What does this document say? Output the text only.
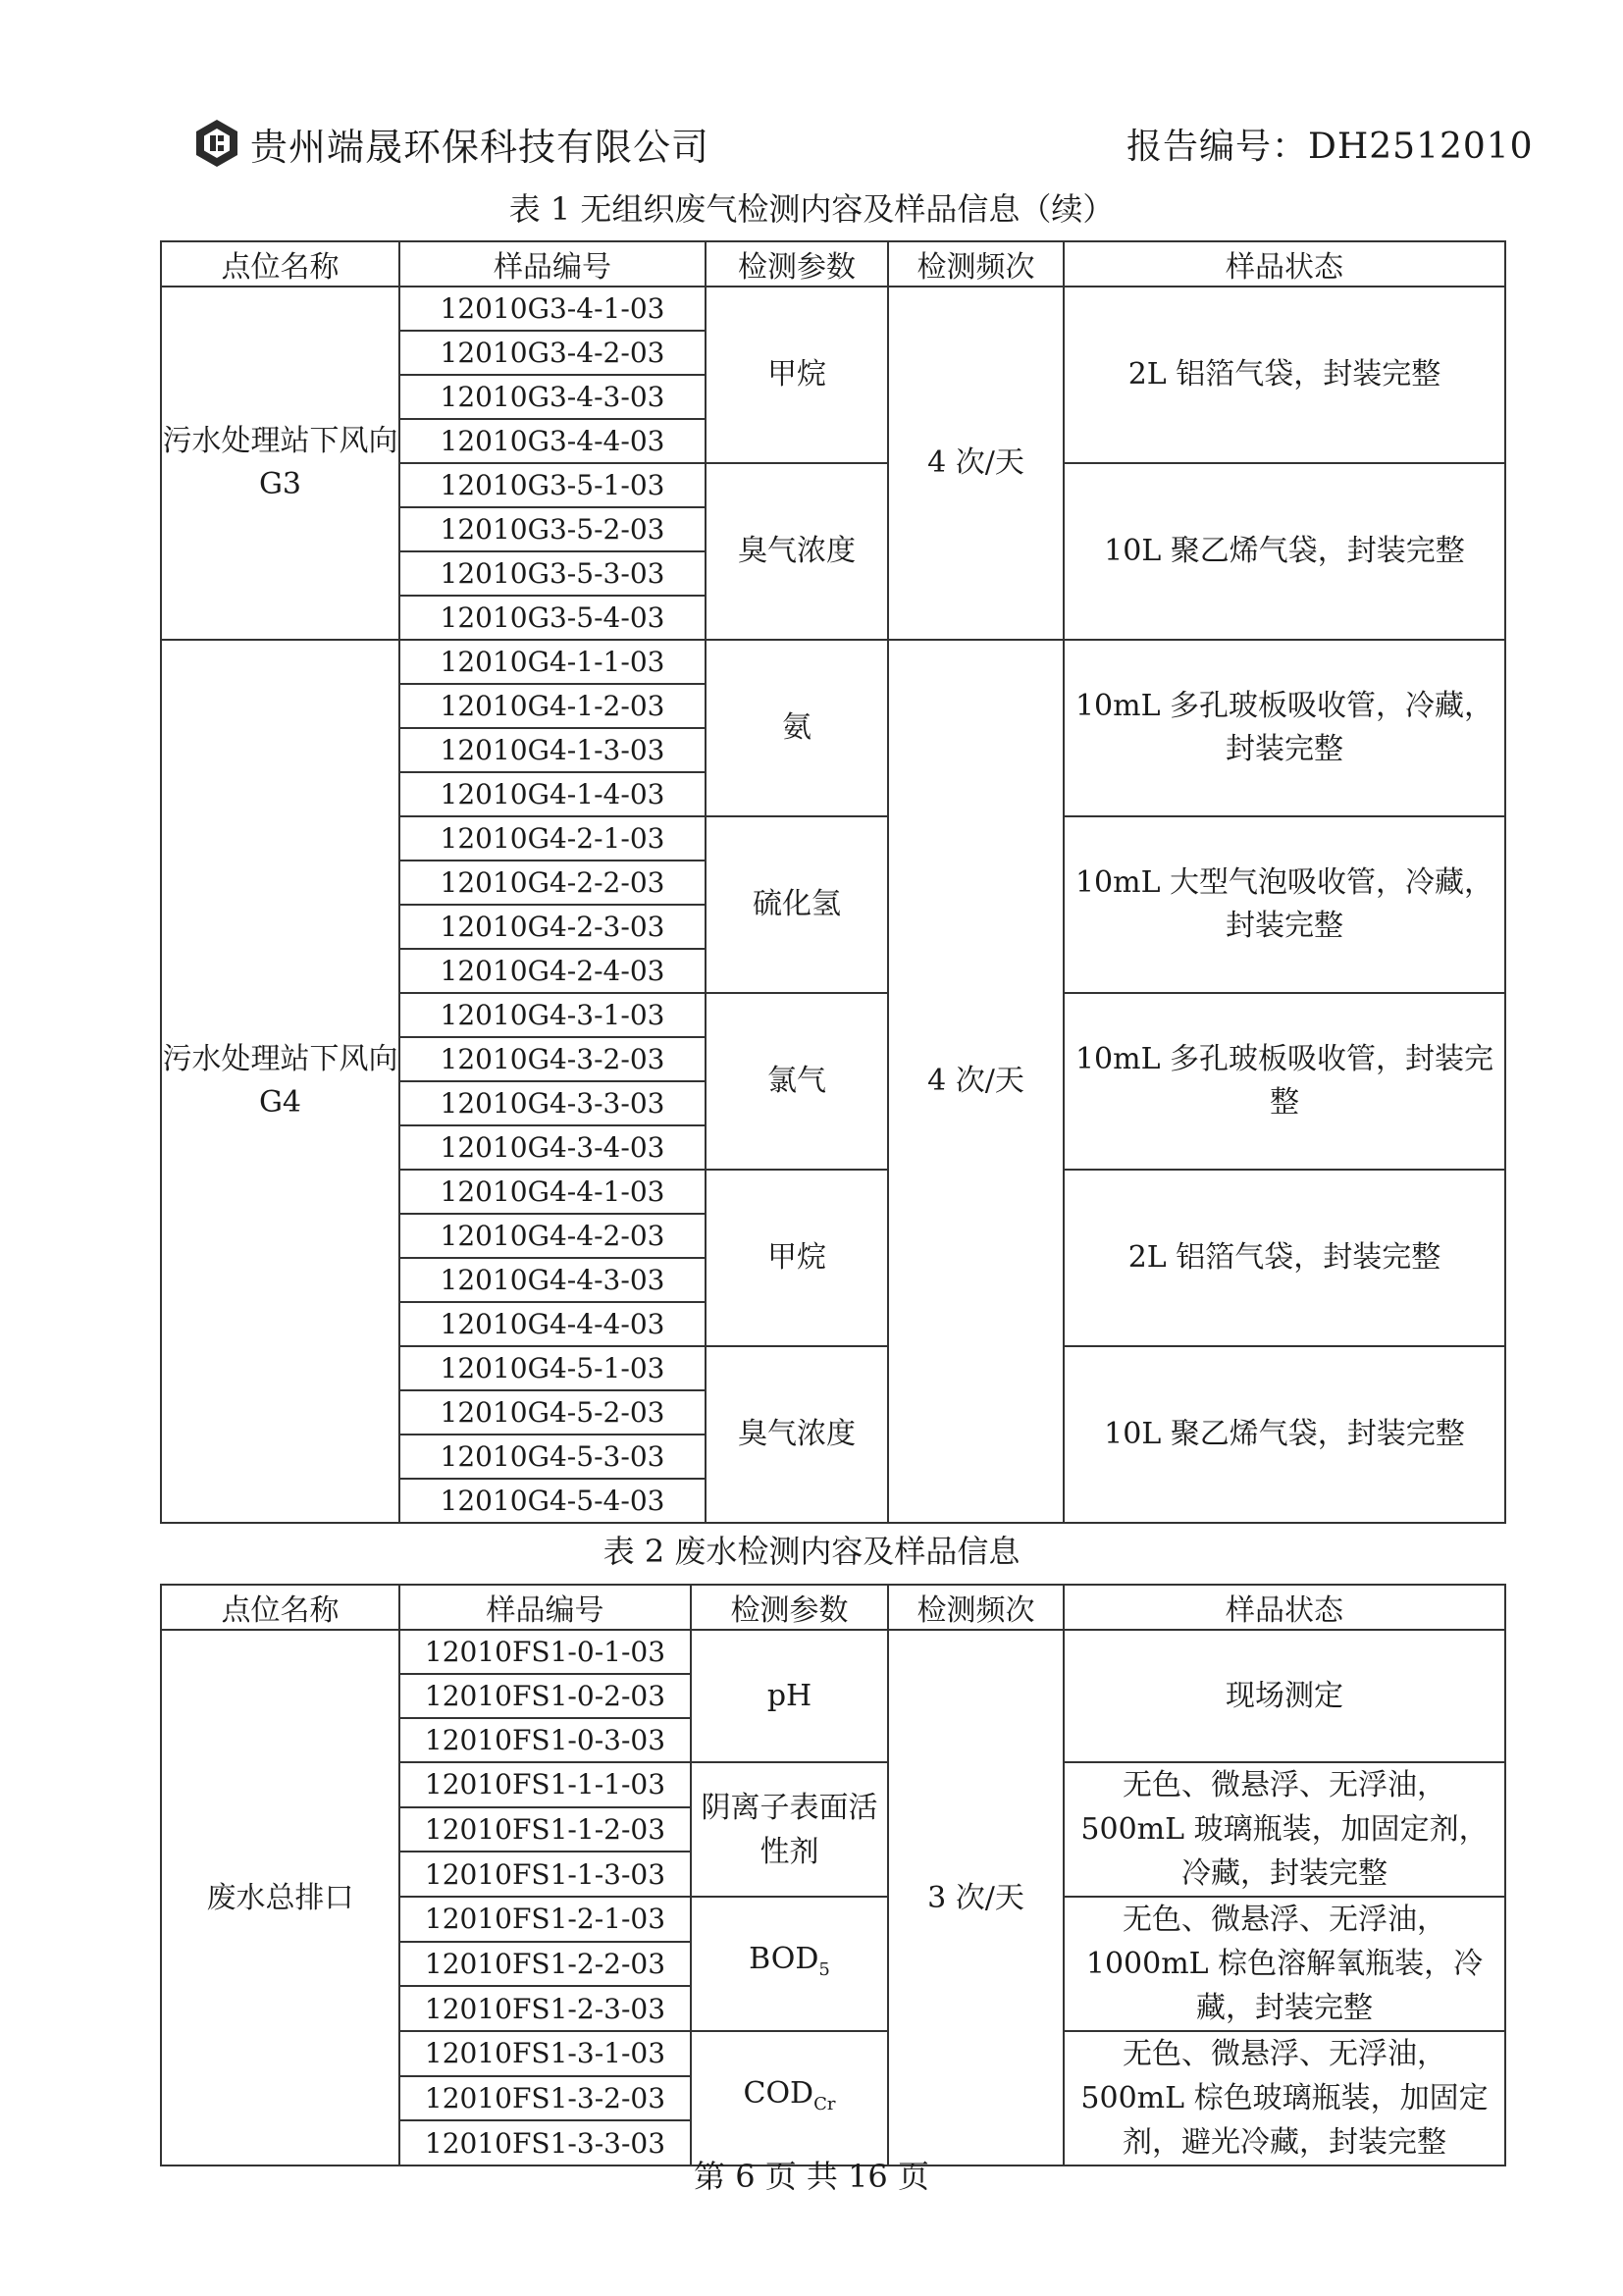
贵州端晟环保科技有限公司	报告编号：DH2512010
表 1 无组织废气检测内容及样品信息（续）
点位名称	样品编号	检测参数	检测频次	样品状态
污水处理站下风向 G3	12010G3-4-1-03	甲烷	4 次/天	2L 铝箔气袋，封装完整
	12010G3-4-2-03			
	12010G3-4-3-03			
	12010G3-4-4-03			
	12010G3-5-1-03	臭气浓度		10L 聚乙烯气袋，封装完整
	12010G3-5-2-03			
	12010G3-5-3-03			
	12010G3-5-4-03			
污水处理站下风向 G4	12010G4-1-1-03	氨	4 次/天	10mL 多孔玻板吸收管，冷藏，封装完整
	12010G4-1-2-03			
	12010G4-1-3-03			
	12010G4-1-4-03			
	12010G4-2-1-03	硫化氢		10mL 大型气泡吸收管，冷藏，封装完整
	12010G4-2-2-03			
	12010G4-2-3-03			
	12010G4-2-4-03			
	12010G4-3-1-03	氯气		10mL 多孔玻板吸收管，封装完整
	12010G4-3-2-03			
	12010G4-3-3-03			
	12010G4-3-4-03			
	12010G4-4-1-03	甲烷		2L 铝箔气袋，封装完整
	12010G4-4-2-03			
	12010G4-4-3-03			
	12010G4-4-4-03			
	12010G4-5-1-03	臭气浓度		10L 聚乙烯气袋，封装完整
	12010G4-5-2-03			
	12010G4-5-3-03			
	12010G4-5-4-03			
表 2 废水检测内容及样品信息
点位名称	样品编号	检测参数	检测频次	样品状态
废水总排口	12010FS1-0-1-03	pH	3 次/天	现场测定
	12010FS1-0-2-03			
	12010FS1-0-3-03			
	12010FS1-1-1-03	阴离子表面活性剂		无色、微悬浮、无浮油，500mL 玻璃瓶装，加固定剂，冷藏，封装完整
	12010FS1-1-2-03			
	12010FS1-1-3-03			
	12010FS1-2-1-03	$BOD_5$		无色、微悬浮、无浮油，1000mL 棕色溶解氧瓶装，冷藏，封装完整
	12010FS1-2-2-03			
	12010FS1-2-3-03			
	12010FS1-3-1-03	$COD_{Cr}$		无色、微悬浮、无浮油，500mL 棕色玻璃瓶装，加固定剂，避光冷藏，封装完整
	12010FS1-3-2-03			
	12010FS1-3-3-03			
第 6 页 共 16 页
